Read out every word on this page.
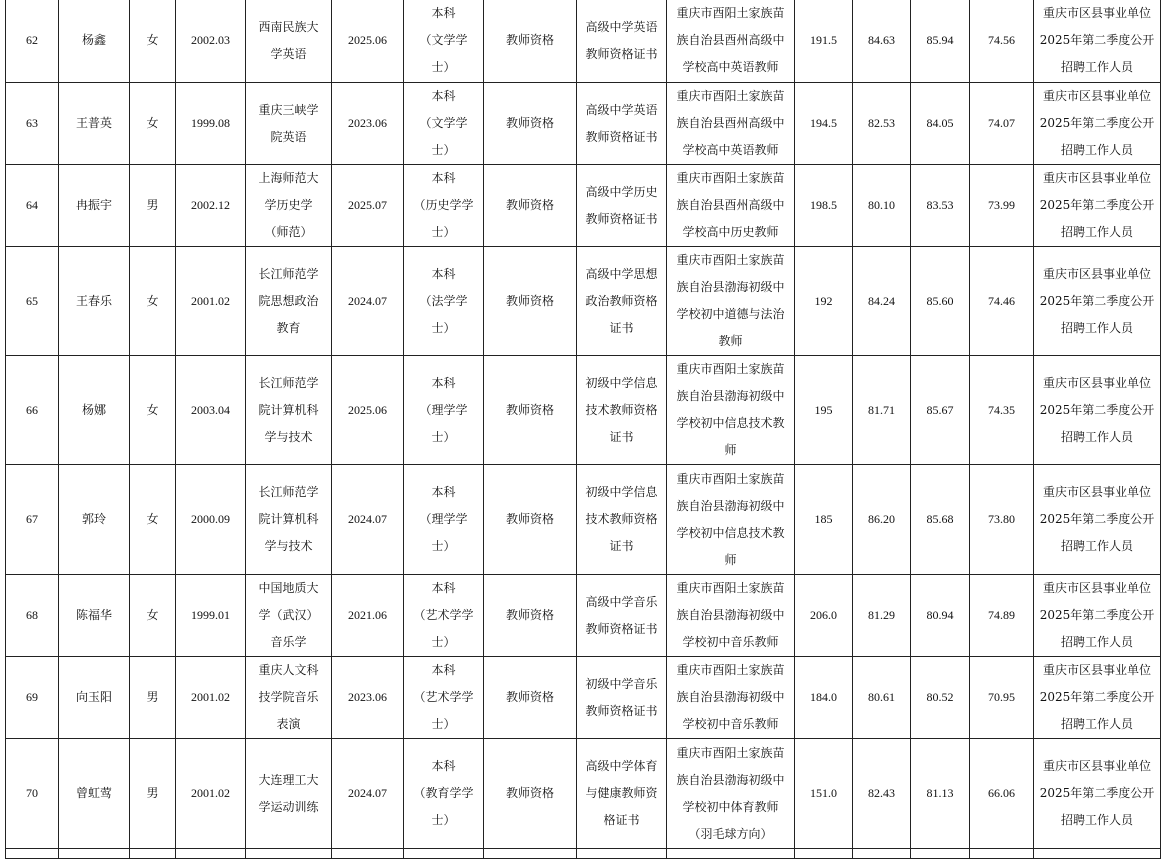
62	杨鑫	女	2002.03	西南民族大
学英语	2025.06	本科
（文学学
士）	教师资格	高级中学英语
教师资格证书	重庆市酉阳土家族苗
族自治县酉州高级中
学校高中英语教师	191.5	84.63	85.94	74.56	重庆市区县事业单位
2025年第二季度公开
招聘工作人员
63	王普英	女	1999.08	重庆三峡学
院英语	2023.06	本科
（文学学
士）	教师资格	高级中学英语
教师资格证书	重庆市酉阳土家族苗
族自治县酉州高级中
学校高中英语教师	194.5	82.53	84.05	74.07	重庆市区县事业单位
2025年第二季度公开
招聘工作人员
64	冉振宇	男	2002.12	上海师范大
学历史学
（师范）	2025.07	本科
（历史学学
士）	教师资格	高级中学历史
教师资格证书	重庆市酉阳土家族苗
族自治县酉州高级中
学校高中历史教师	198.5	80.10	83.53	73.99	重庆市区县事业单位
2025年第二季度公开
招聘工作人员
65	王春乐	女	2001.02	长江师范学
院思想政治
教育	2024.07	本科
（法学学
士）	教师资格	高级中学思想
政治教师资格
证书	重庆市酉阳土家族苗
族自治县渤海初级中
学校初中道德与法治
教师	192	84.24	85.60	74.46	重庆市区县事业单位
2025年第二季度公开
招聘工作人员
66	杨娜	女	2003.04	长江师范学
院计算机科
学与技术	2025.06	本科
（理学学
士）	教师资格	初级中学信息
技术教师资格
证书	重庆市酉阳土家族苗
族自治县渤海初级中
学校初中信息技术教
师	195	81.71	85.67	74.35	重庆市区县事业单位
2025年第二季度公开
招聘工作人员
67	郭玲	女	2000.09	长江师范学
院计算机科
学与技术	2024.07	本科
（理学学
士）	教师资格	初级中学信息
技术教师资格
证书	重庆市酉阳土家族苗
族自治县渤海初级中
学校初中信息技术教
师	185	86.20	85.68	73.80	重庆市区县事业单位
2025年第二季度公开
招聘工作人员
68	陈福华	女	1999.01	中国地质大
学（武汉）
音乐学	2021.06	本科
（艺术学学
士）	教师资格	高级中学音乐
教师资格证书	重庆市酉阳土家族苗
族自治县渤海初级中
学校初中音乐教师	206.0	81.29	80.94	74.89	重庆市区县事业单位
2025年第二季度公开
招聘工作人员
69	向玉阳	男	2001.02	重庆人文科
技学院音乐
表演	2023.06	本科
（艺术学学
士）	教师资格	初级中学音乐
教师资格证书	重庆市酉阳土家族苗
族自治县渤海初级中
学校初中音乐教师	184.0	80.61	80.52	70.95	重庆市区县事业单位
2025年第二季度公开
招聘工作人员
70	曾虹莺	男	2001.02	大连理工大
学运动训练	2024.07	本科
（教育学学
士）	教师资格	高级中学体育
与健康教师资
格证书	重庆市酉阳土家族苗
族自治县渤海初级中
学校初中体育教师
（羽毛球方向）	151.0	82.43	81.13	66.06	重庆市区县事业单位
2025年第二季度公开
招聘工作人员
